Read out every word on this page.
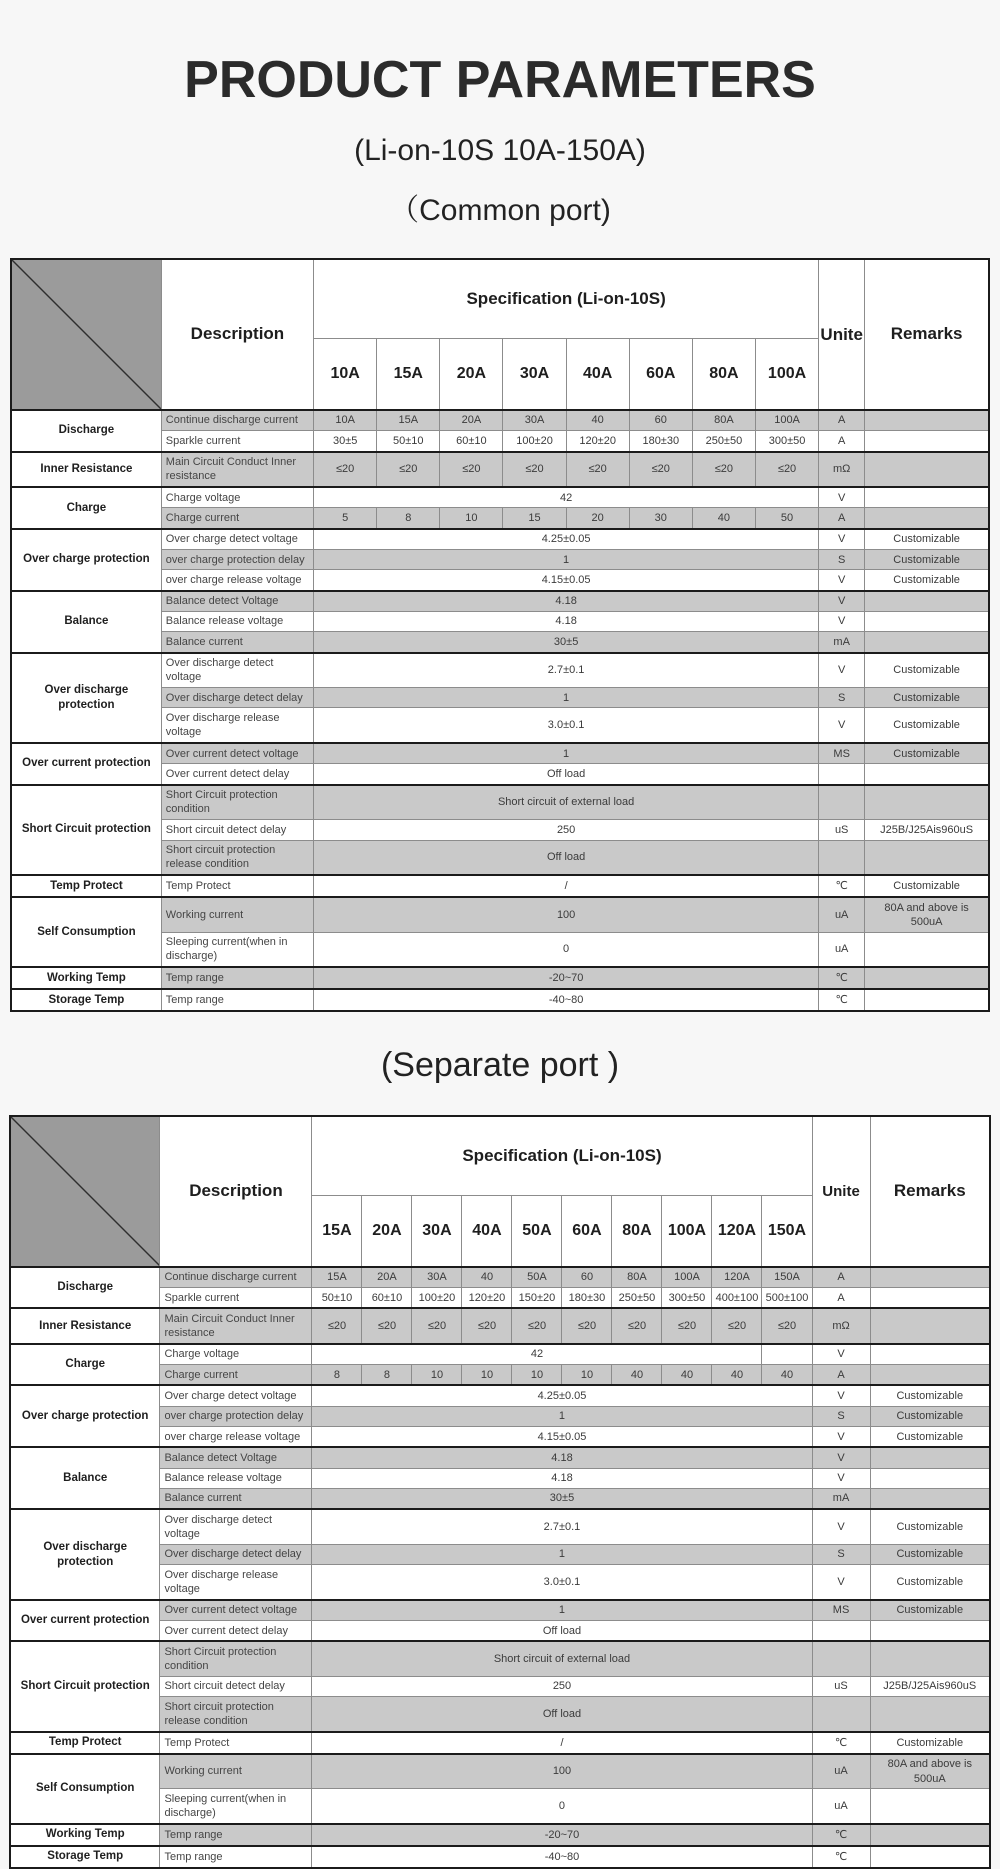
PRODUCT PARAMETERS
(Li-on-10S 10A-150A)
（Common port)
	Description	Specification (Li-on-10S)								Unite	Remarks
		10A	15A	20A	30A	40A	60A	80A	100A		
Discharge	Continue discharge current	10A	15A	20A	30A	40	60	80A	100A	A	
	Sparkle current	30±5	50±10	60±10	100±20	120±20	180±30	250±50	300±50	A	
Inner Resistance	Main Circuit Conduct Inner resistance	≤20	≤20	≤20	≤20	≤20	≤20	≤20	≤20	mΩ	
Charge	Charge voltage	42								V	
	Charge current	5	8	10	15	20	30	40	50	A	
Over charge protection	Over charge detect voltage	4.25±0.05								V	Customizable
	over charge protection delay	1								S	Customizable
	over charge release voltage	4.15±0.05								V	Customizable
Balance	Balance detect Voltage	4.18								V	
	Balance release voltage	4.18								V	
	Balance current	30±5								mA	
Over discharge protection	Over discharge detect voltage	2.7±0.1								V	Customizable
	Over discharge detect delay	1								S	Customizable
	Over discharge release voltage	3.0±0.1								V	Customizable
Over current protection	Over current detect voltage	1								MS	Customizable
	Over current detect delay	Off load									
Short Circuit protection	Short Circuit protection condition	Short circuit of external load									
	Short circuit detect delay	250								uS	J25B/J25Ais960uS
	Short circuit protection release condition	Off load									
Temp Protect	Temp Protect	/								℃	Customizable
Self Consumption	Working current	100								uA	80A and above is 500uA
	Sleeping current(when in discharge)	0								uA	
Working Temp	Temp range	-20~70								℃	
Storage Temp	Temp range	-40~80								℃	
(Separate port )
	Description	Specification (Li-on-10S)										Unite	Remarks
		15A	20A	30A	40A	50A	60A	80A	100A	120A	150A		
Discharge	Continue discharge current	15A	20A	30A	40	50A	60	80A	100A	120A	150A	A	
	Sparkle current	50±10	60±10	100±20	120±20	150±20	180±30	250±50	300±50	400±100	500±100	A	
Inner Resistance	Main Circuit Conduct Inner resistance	≤20	≤20	≤20	≤20	≤20	≤20	≤20	≤20	≤20	≤20	mΩ	
Charge	Charge voltage	42										V	
	Charge current	8	8	10	10	10	10	40	40	40	40	A	
Over charge protection	Over charge detect voltage	4.25±0.05										V	Customizable
	over charge protection delay	1										S	Customizable
	over charge release voltage	4.15±0.05										V	Customizable
Balance	Balance detect Voltage	4.18										V	
	Balance release voltage	4.18										V	
	Balance current	30±5										mA	
Over discharge protection	Over discharge detect voltage	2.7±0.1										V	Customizable
	Over discharge detect delay	1										S	Customizable
	Over discharge release voltage	3.0±0.1										V	Customizable
Over current protection	Over current detect voltage	1										MS	Customizable
	Over current detect delay	Off load											
Short Circuit protection	Short Circuit protection condition	Short circuit of external load											
	Short circuit detect delay	250										uS	J25B/J25Ais960uS
	Short circuit protection release condition	Off load											
Temp Protect	Temp Protect	/										℃	Customizable
Self Consumption	Working current	100										uA	80A and above is 500uA
	Sleeping current(when in discharge)	0										uA	
Working Temp	Temp range	-20~70										℃	
Storage Temp	Temp range	-40~80										℃	
